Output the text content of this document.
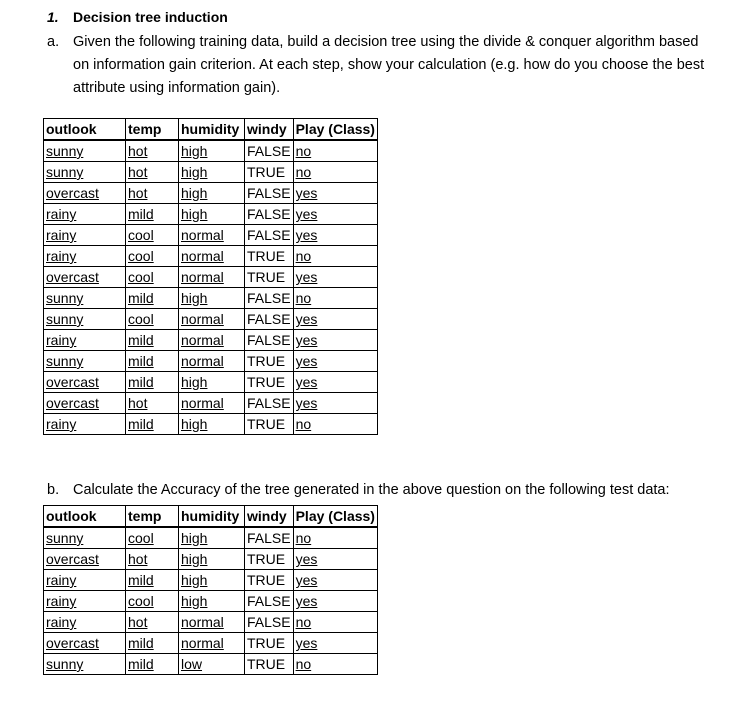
1. Decision tree induction
a. Given the following training data, build a decision tree using the divide & conquer algorithm based on information gain criterion. At each step, show your calculation (e.g. how do you choose the best attribute using information gain).
outlook	temp	humidity	windy	Play (Class)
sunny	hot	high	FALSE	no
sunny	hot	high	TRUE	no
overcast	hot	high	FALSE	yes
rainy	mild	high	FALSE	yes
rainy	cool	normal	FALSE	yes
rainy	cool	normal	TRUE	no
overcast	cool	normal	TRUE	yes
sunny	mild	high	FALSE	no
sunny	cool	normal	FALSE	yes
rainy	mild	normal	FALSE	yes
sunny	mild	normal	TRUE	yes
overcast	mild	high	TRUE	yes
overcast	hot	normal	FALSE	yes
rainy	mild	high	TRUE	no
b. Calculate the Accuracy of the tree generated in the above question on the following test data:
outlook	temp	humidity	windy	Play (Class)
sunny	cool	high	FALSE	no
overcast	hot	high	TRUE	yes
rainy	mild	high	TRUE	yes
rainy	cool	high	FALSE	yes
rainy	hot	normal	FALSE	no
overcast	mild	normal	TRUE	yes
sunny	mild	low	TRUE	no
